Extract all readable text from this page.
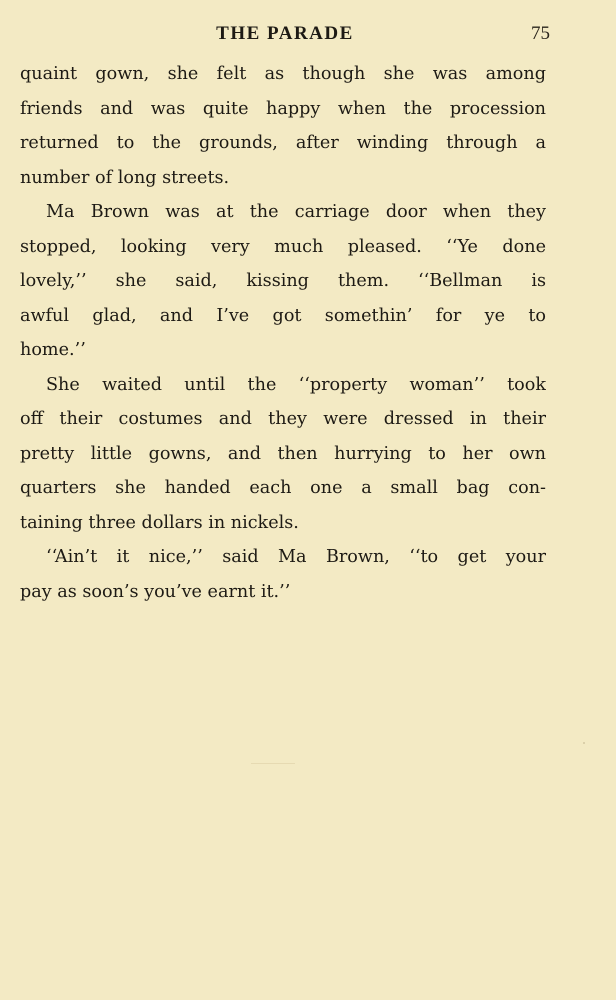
THE PARADE	75

quaint gown, she felt as though she was among
friends and was quite happy when the procession
returned to the grounds, after winding through a
number of long streets.

Ma Brown was at the carriage door when they
stopped, looking very much pleased. ‘‘Ye done
lovely,’’ she said, kissing them. ‘‘Bellman is
awful glad, and I’ve got somethin’ for ye to
home.’’

She waited until the ‘‘property woman’’ took
off their costumes and they were dressed in their
pretty little gowns, and then hurrying to her own
quarters she handed each one a small bag con-
taining three dollars in nickels.

‘‘Ain’t it nice,’’ said Ma Brown, ‘‘to get your
pay as soon’s you’ve earnt it.’’
